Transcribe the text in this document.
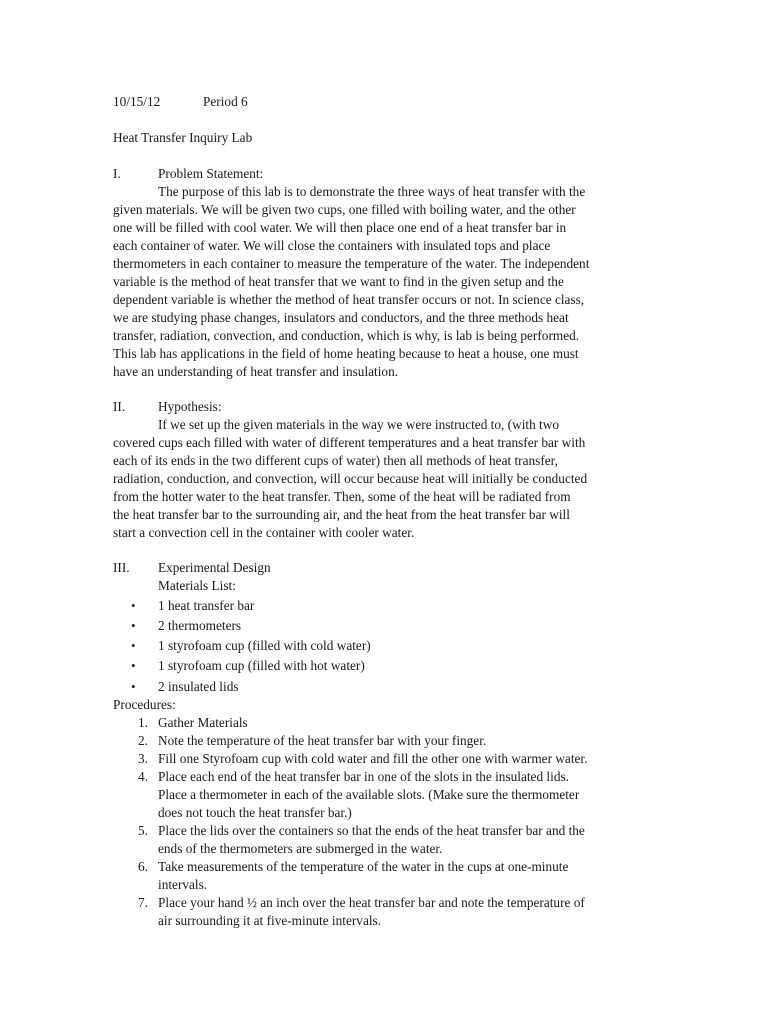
10/15/12	Period 6
Heat Transfer Inquiry Lab
I.	Problem Statement:
The purpose of this lab is to demonstrate the three ways of heat transfer with the
given materials. We will be given two cups, one filled with boiling water, and the other
one will be filled with cool water. We will then place one end of a heat transfer bar in
each container of water. We will close the containers with insulated tops and place
thermometers in each container to measure the temperature of the water. The independent
variable is the method of heat transfer that we want to find in the given setup and the
dependent variable is whether the method of heat transfer occurs or not. In science class,
we are studying phase changes, insulators and conductors, and the three methods heat
transfer, radiation, convection, and conduction, which is why, is lab is being performed.
This lab has applications in the field of home heating because to heat a house, one must
have an understanding of heat transfer and insulation.
II. Hypothesis:
If we set up the given materials in the way we were instructed to, (with two
covered cups each filled with water of different temperatures and a heat transfer bar with
each of its ends in the two different cups of water) then all methods of heat transfer,
radiation, conduction, and convection, will occur because heat will initially be conducted
from the hotter water to the heat transfer. Then, some of the heat will be radiated from
the heat transfer bar to the surrounding air, and the heat from the heat transfer bar will
start a convection cell in the container with cooler water.
III. Experimental Design
Materials List:
• 1 heat transfer bar
• 2 thermometers
• 1 styrofoam cup (filled with cold water)
• 1 styrofoam cup (filled with hot water)
• 2 insulated lids
Procedures:
1. Gather Materials
2. Note the temperature of the heat transfer bar with your finger.
3. Fill one Styrofoam cup with cold water and fill the other one with warmer water.
4. Place each end of the heat transfer bar in one of the slots in the insulated lids.
Place a thermometer in each of the available slots. (Make sure the thermometer
does not touch the heat transfer bar.)
5. Place the lids over the containers so that the ends of the heat transfer bar and the
ends of the thermometers are submerged in the water.
6. Take measurements of the temperature of the water in the cups at one-minute
intervals.
7. Place your hand ½ an inch over the heat transfer bar and note the temperature of
air surrounding it at five-minute intervals.
